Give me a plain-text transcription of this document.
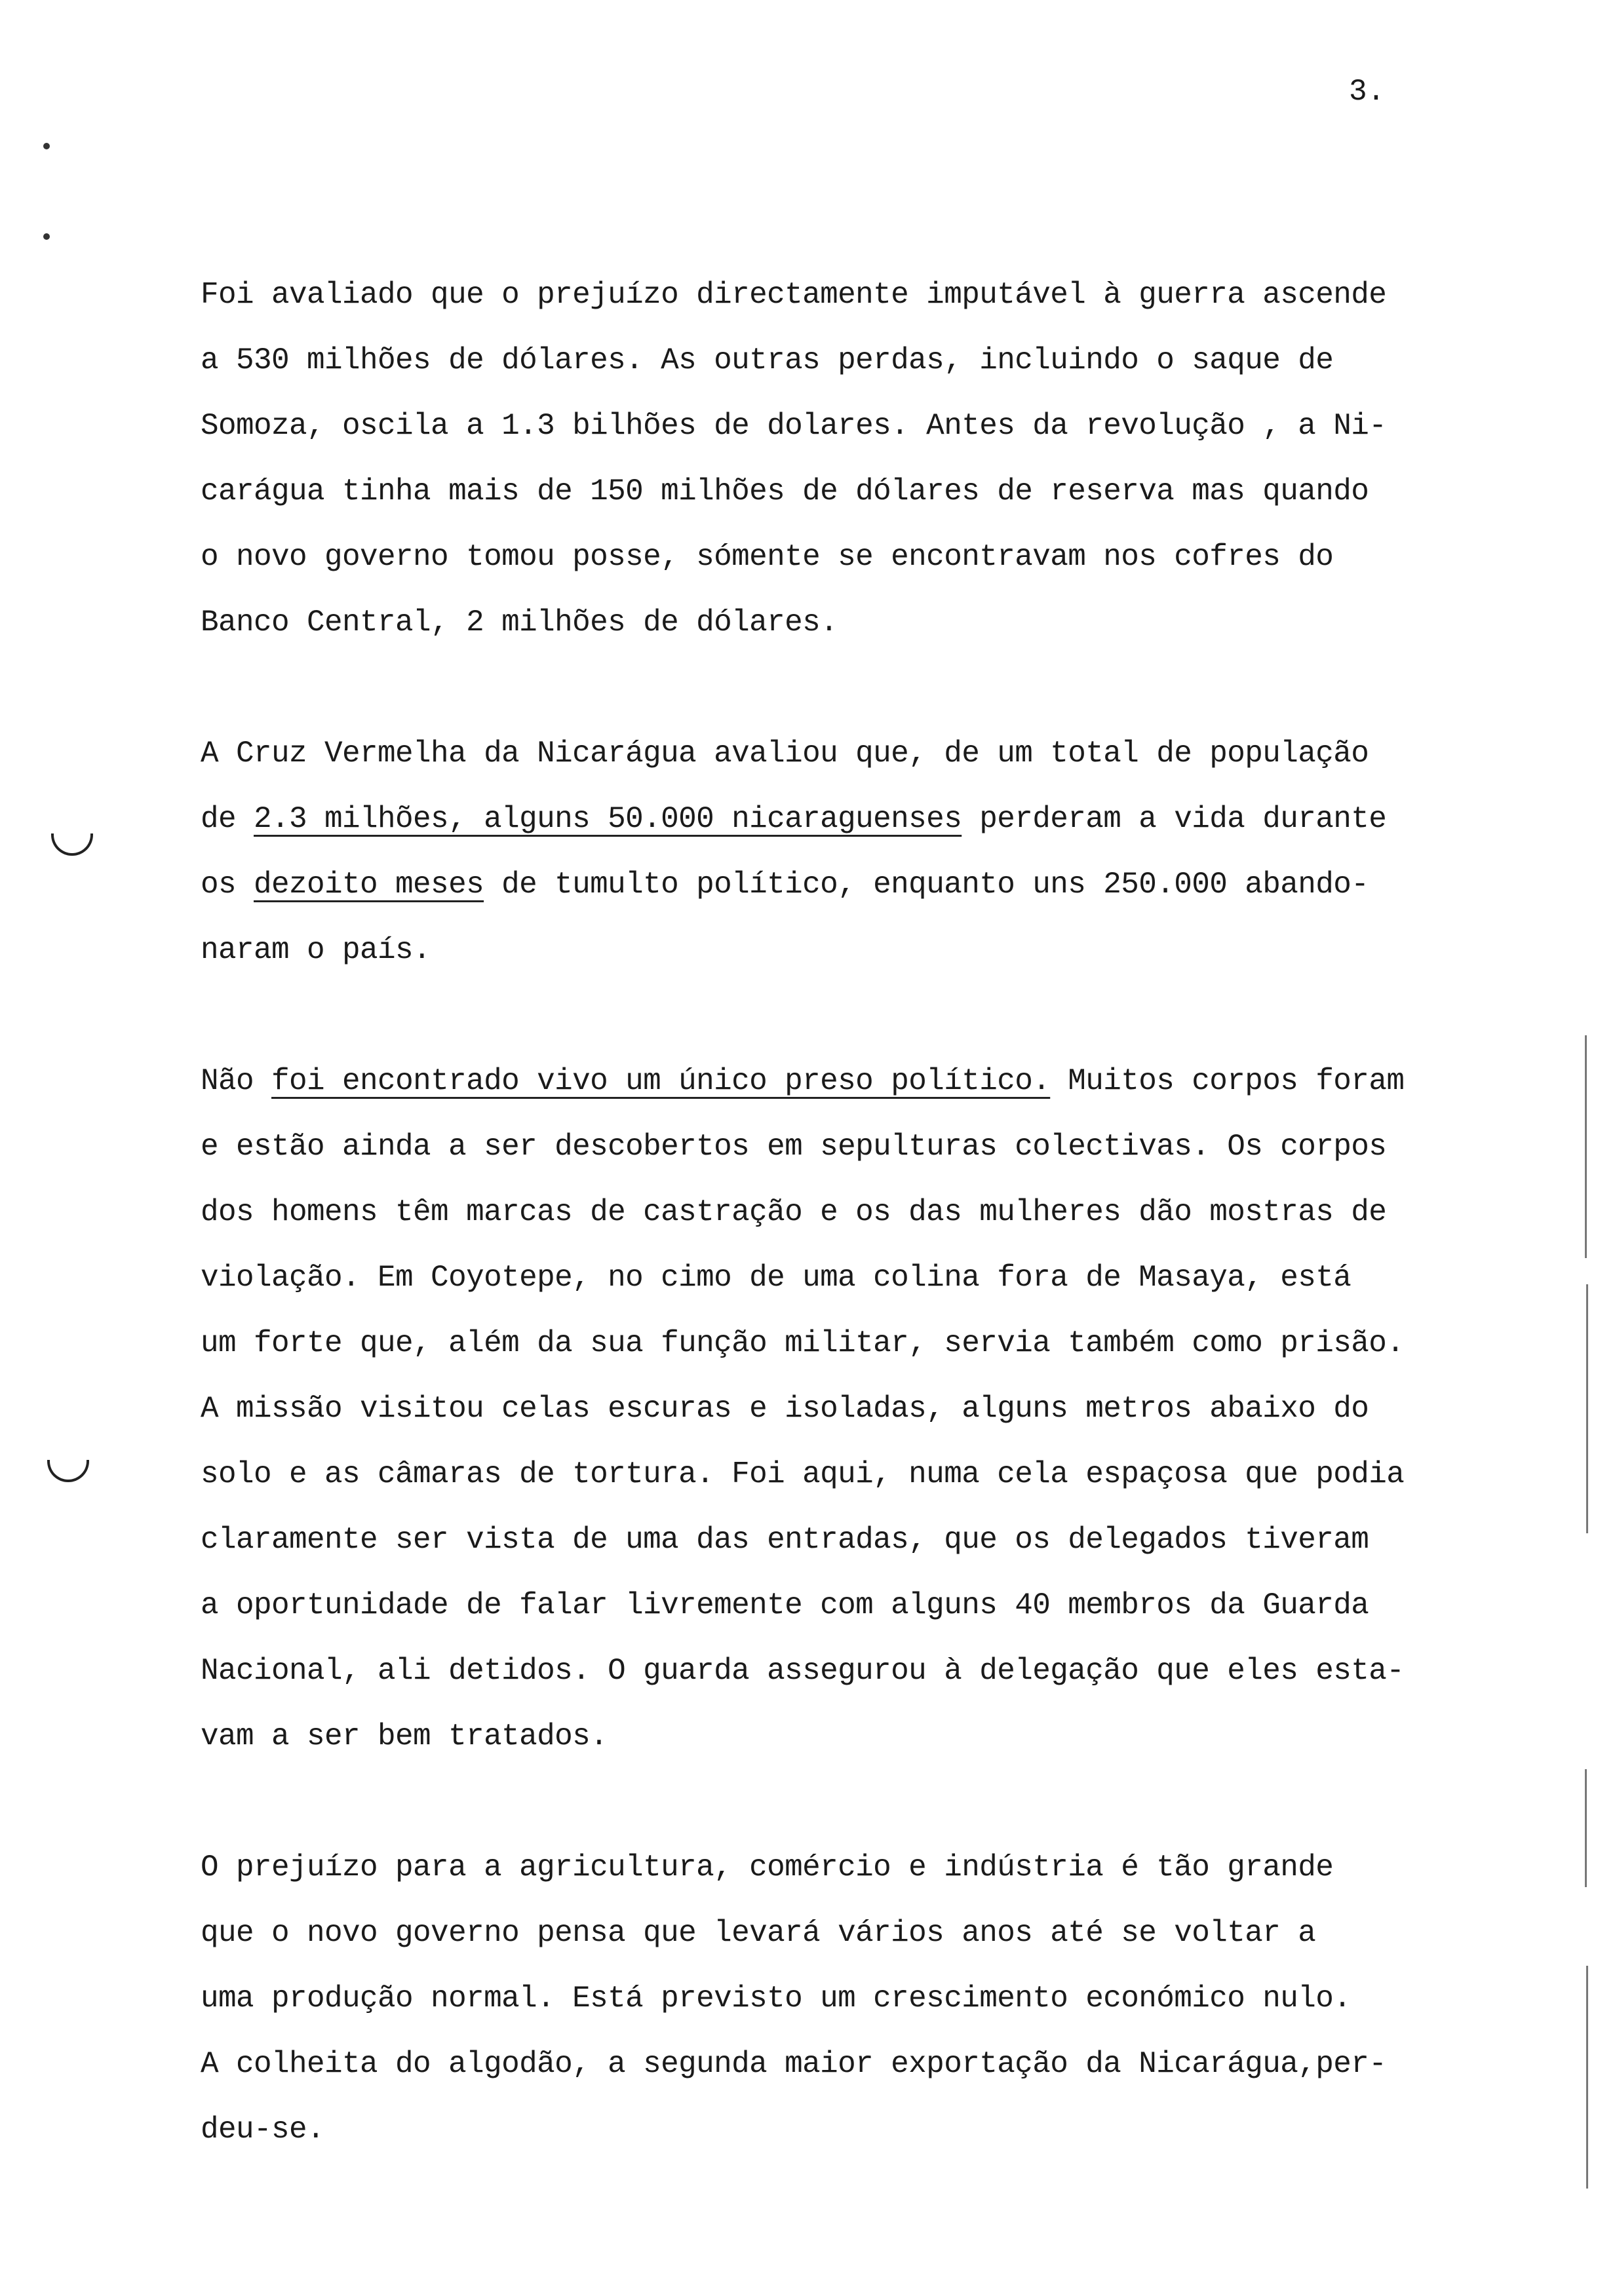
3.
Foi avaliado que o prejuízo directamente imputável à guerra ascende
a 530 milhões de dólares. As outras perdas, incluindo o saque de
Somoza, oscila a 1.3 bilhões de dolares. Antes da revolução , a Ni-
carágua tinha mais de 150 milhões de dólares de reserva mas quando
o novo governo tomou posse, sómente se encontravam nos cofres do
Banco Central, 2 milhões de dólares.
A Cruz Vermelha da Nicarágua avaliou que, de um total de população
de 2.3 milhões, alguns 50.000 nicaraguenses perderam a vida durante
os dezoito meses de tumulto político, enquanto uns 250.000 abando-
naram o país.
Não foi encontrado vivo um único preso político. Muitos corpos foram
e estão ainda a ser descobertos em sepulturas colectivas. Os corpos
dos homens têm marcas de castração e os das mulheres dão mostras de
violação. Em Coyotepe, no cimo de uma colina fora de Masaya, está
um forte que, além da sua função militar, servia também como prisão.
A missão visitou celas escuras e isoladas, alguns metros abaixo do
solo e as câmaras de tortura. Foi aqui, numa cela espaçosa que podia
claramente ser vista de uma das entradas, que os delegados tiveram
a oportunidade de falar livremente com alguns 40 membros da Guarda
Nacional, ali detidos. O guarda assegurou à delegação que eles esta-
vam a ser bem tratados.
O prejuízo para a agricultura, comércio e indústria é tão grande
que o novo governo pensa que levará vários anos até se voltar a
uma produção normal. Está previsto um crescimento económico nulo.
A colheita do algodão, a segunda maior exportação da Nicarágua,per-
deu-se.
